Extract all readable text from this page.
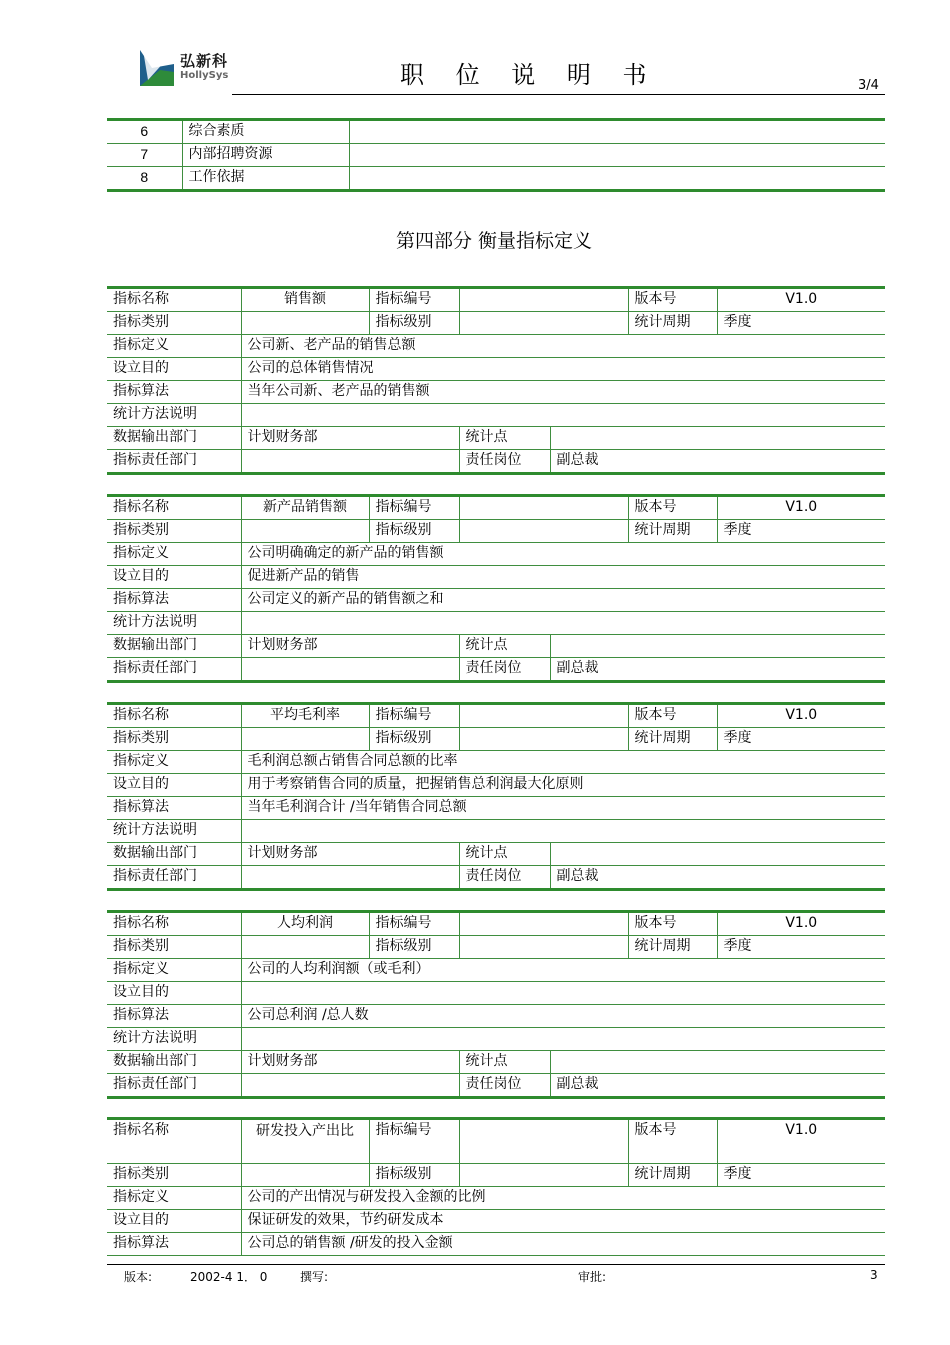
弘新科
HollySys	职 位 说 明 书	3/4
6	综合素质	
7	内部招聘资源	
8	工作依据	
第四部分 衡量指标定义
指标名称	销售额	指标编号			版本号	V1.0
指标类别		指标级别			统计周期	季度
指标定义	公司新、老产品的销售总额					
设立目的	公司的总体销售情况					
指标算法	当年公司新、老产品的销售额					
统计方法说明						
数据输出部门	计划财务部		统计点			
指标责任部门			责任岗位	副总裁		
指标名称	新产品销售额	指标编号			版本号	V1.0
指标类别		指标级别			统计周期	季度
指标定义	公司明确确定的新产品的销售额					
设立目的	促进新产品的销售					
指标算法	公司定义的新产品的销售额之和					
统计方法说明						
数据输出部门	计划财务部		统计点			
指标责任部门			责任岗位	副总裁		
指标名称	平均毛利率	指标编号			版本号	V1.0
指标类别		指标级别			统计周期	季度
指标定义	毛利润总额占销售合同总额的比率					
设立目的	用于考察销售合同的质量，把握销售总利润最大化原则					
指标算法	当年毛利润合计 /当年销售合同总额					
统计方法说明						
数据输出部门	计划财务部		统计点			
指标责任部门			责任岗位	副总裁		
指标名称	人均利润	指标编号			版本号	V1.0
指标类别		指标级别			统计周期	季度
指标定义	公司的人均利润额（或毛利）					
设立目的						
指标算法	公司总利润 /总人数					
统计方法说明						
数据输出部门	计划财务部		统计点			
指标责任部门			责任岗位	副总裁		
指标名称	研发投入产出比	指标编号		版本号	V1.0
指标类别		指标级别		统计周期	季度
指标定义	公司的产出情况与研发投入金额的比例				
设立目的	保证研发的效果，节约研发成本				
指标算法	公司总的销售额 /研发的投入金额				
版本:	2002-4 1． 0	撰写:	审批:	3
